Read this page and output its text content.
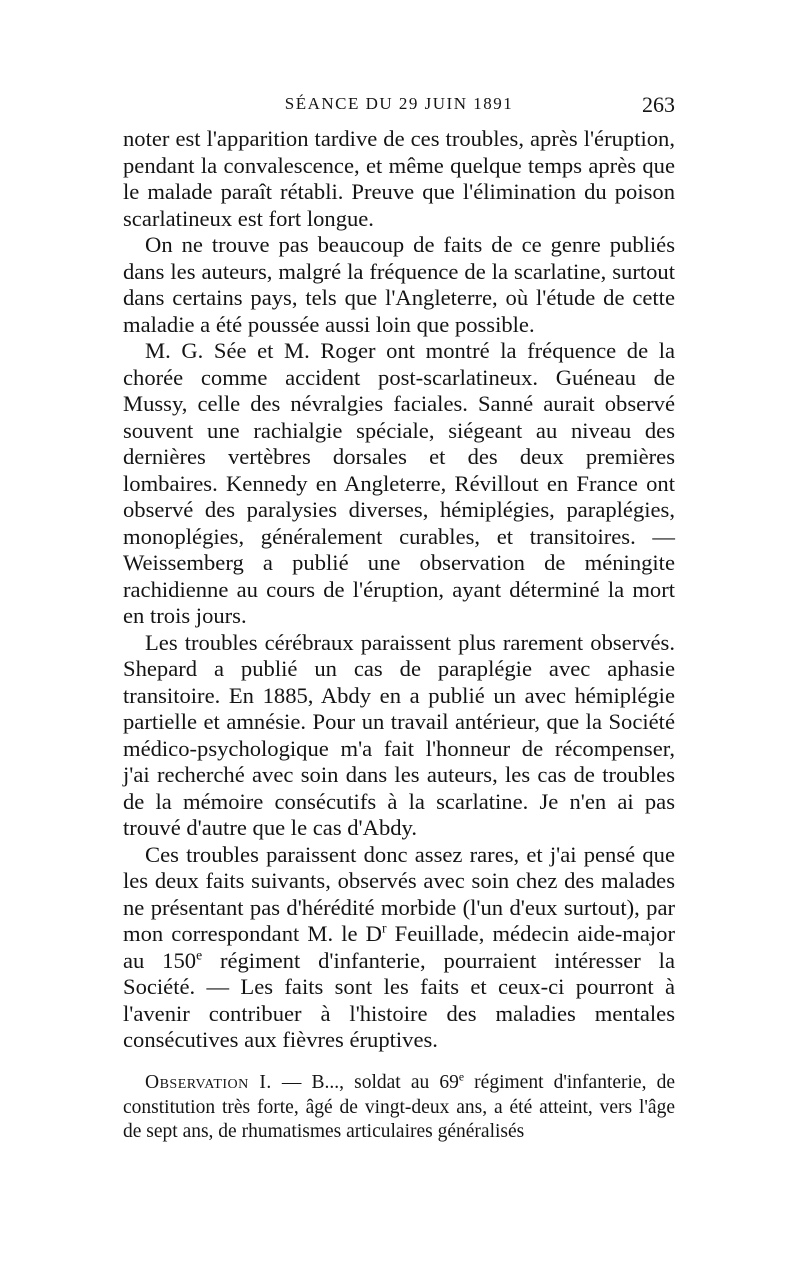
SÉANCE DU 29 JUIN 1891	263

noter est l'apparition tardive de ces troubles, après l'éruption, pendant la convalescence, et même quelque temps après que le malade paraît rétabli. Preuve que l'élimination du poison scarlatineux est fort longue.

On ne trouve pas beaucoup de faits de ce genre publiés dans les auteurs, malgré la fréquence de la scarlatine, surtout dans certains pays, tels que l'Angleterre, où l'étude de cette maladie a été poussée aussi loin que possible.

M. G. Sée et M. Roger ont montré la fréquence de la chorée comme accident post-scarlatineux. Guéneau de Mussy, celle des névralgies faciales. Sanné aurait observé souvent une rachialgie spéciale, siégeant au niveau des dernières vertèbres dorsales et des deux premières lombaires. Kennedy en Angleterre, Révillout en France ont observé des paralysies diverses, hémiplégies, paraplégies, monoplégies, généralement curables, et transitoires. — Weissemberg a publié une observation de méningite rachidienne au cours de l'éruption, ayant déterminé la mort en trois jours.

Les troubles cérébraux paraissent plus rarement observés. Shepard a publié un cas de paraplégie avec aphasie transitoire. En 1885, Abdy en a publié un avec hémiplégie partielle et amnésie. Pour un travail antérieur, que la Société médico-psychologique m'a fait l'honneur de récompenser, j'ai recherché avec soin dans les auteurs, les cas de troubles de la mémoire consécutifs à la scarlatine. Je n'en ai pas trouvé d'autre que le cas d'Abdy.

Ces troubles paraissent donc assez rares, et j'ai pensé que les deux faits suivants, observés avec soin chez des malades ne présentant pas d'hérédité morbide (l'un d'eux surtout), par mon correspondant M. le $D^r$ Feuillade, médecin aide-major au 150e régiment d'infanterie, pourraient intéresser la Société. — Les faits sont les faits et ceux-ci pourront à l'avenir contribuer à l'histoire des maladies mentales consécutives aux fièvres éruptives.

Observation I. — B..., soldat au 69e régiment d'infanterie, de constitution très forte, âgé de vingt-deux ans, a été atteint, vers l'âge de sept ans, de rhumatismes articulaires généralisés
